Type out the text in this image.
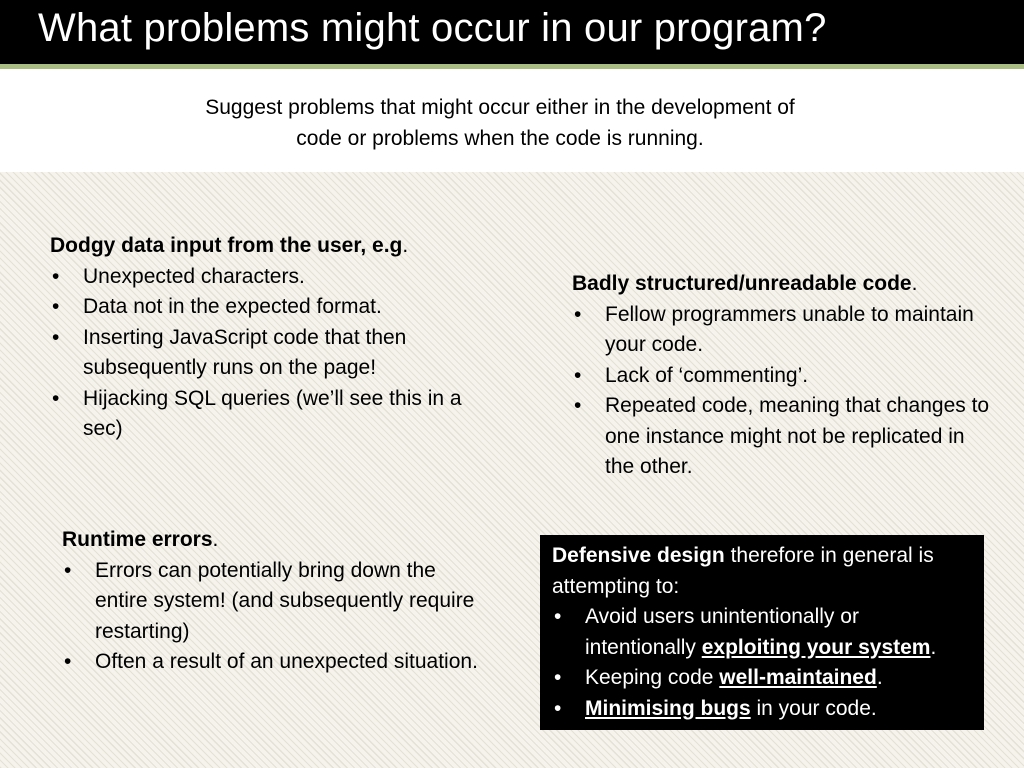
What problems might occur in our program?
Suggest problems that might occur either in the development of
code or problems when the code is running.
Dodgy data input from the user, e.g.
• Unexpected characters.
• Data not in the expected format.
• Inserting JavaScript code that then subsequently runs on the page!
• Hijacking SQL queries (we’ll see this in a sec)
Badly structured/unreadable code.
• Fellow programmers unable to maintain your code.
• Lack of ‘commenting’.
• Repeated code, meaning that changes to one instance might not be replicated in the other.
Runtime errors.
• Errors can potentially bring down the entire system! (and subsequently require restarting)
• Often a result of an unexpected situation.
Defensive design therefore in general is attempting to:
• Avoid users unintentionally or intentionally exploiting your system.
• Keeping code well-maintained.
• Minimising bugs in your code.
